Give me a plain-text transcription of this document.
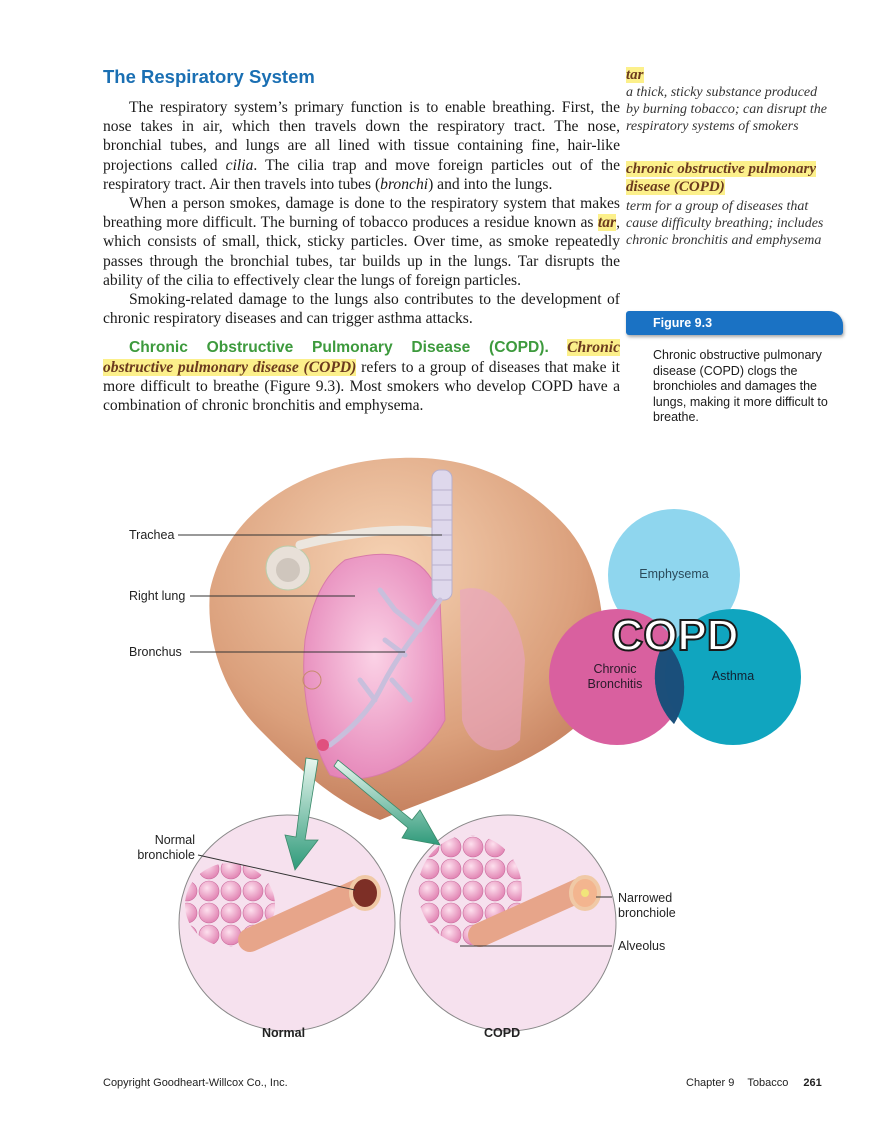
The Respiratory System

The respiratory system’s primary function is to enable breathing. First, the nose takes in air, which then travels down the respiratory tract. The nose, bronchial tubes, and lungs are all lined with tissue containing fine, hair-like projections called cilia. The cilia trap and move foreign particles out of the respiratory tract. Air then travels into tubes (bronchi) and into the lungs.

When a person smokes, damage is done to the respiratory system that makes breathing more difficult. The burning of tobacco produces a residue known as tar, which consists of small, thick, sticky particles. Over time, as smoke repeatedly passes through the bronchial tubes, tar builds up in the lungs. Tar disrupts the ability of the cilia to effectively clear the lungs of foreign particles.

Smoking-related damage to the lungs also contributes to the development of chronic respiratory diseases and can trigger asthma attacks.

Chronic Obstructive Pulmonary Disease (COPD). Chronic obstructive pulmonary disease (COPD) refers to a group of diseases that make it more difficult to breathe (Figure 9.3). Most smokers who develop COPD have a combination of chronic bronchitis and emphysema.

tar
a thick, sticky substance produced by burning tobacco; can disrupt the respiratory systems of smokers
chronic obstructive pulmonary disease (COPD)
term for a group of diseases that cause difficulty breathing; includes chronic bronchitis and emphysema
Figure 9.3
Chronic obstructive pulmonary disease (COPD) clogs the bronchioles and damages the lungs, making it more difficult to breathe.
Trachea
Right lung
Bronchus
Normal bronchiole
Narrowed bronchiole
Alveolus
Normal	COPD
Emphysema
COPD
Chronic Bronchitis
Asthma
Copyright Goodheart-Willcox Co., Inc.	Chapter 9 Tobacco 261
